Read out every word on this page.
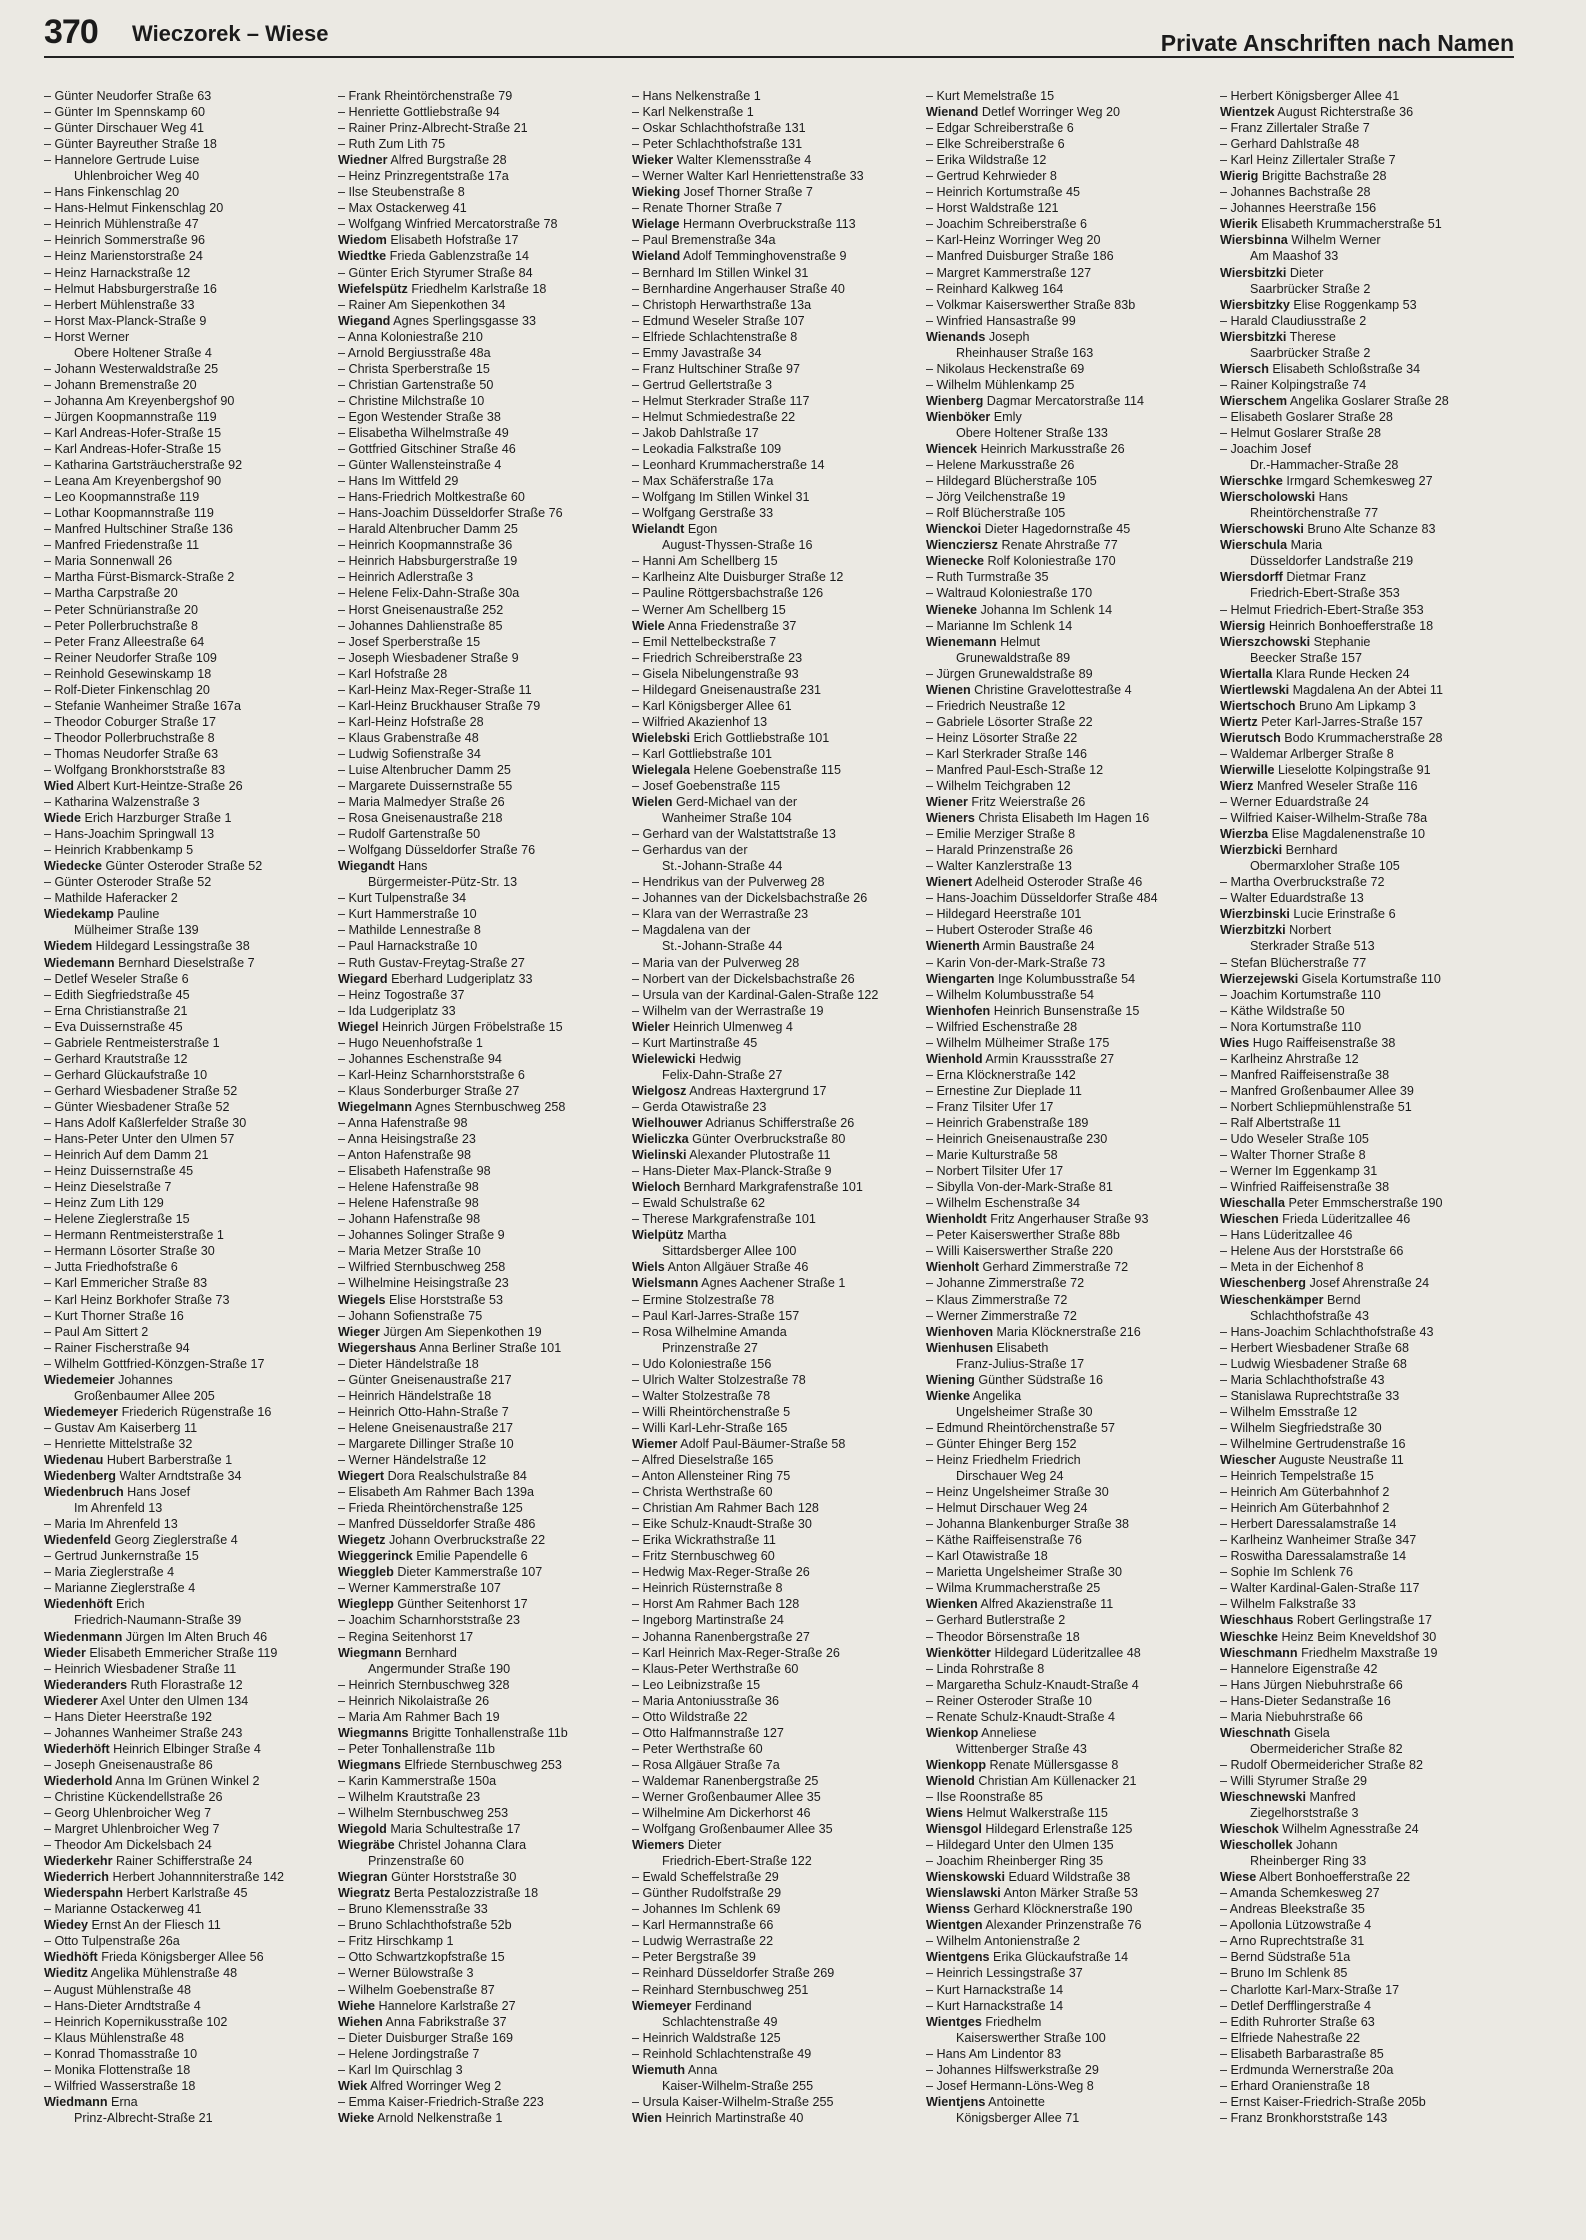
370 Wieczorek – Wiese	Private Anschriften nach Namen
– Günter Neudorfer Straße 63
– Günter Im Spennskamp 60
– Günter Dirschauer Weg 41
– Günter Bayreuther Straße 18
– Hannelore Gertrude Luise
Uhlenbroicher Weg 40
– Hans Finkenschlag 20
– Hans-Helmut Finkenschlag 20
– Heinrich Mühlenstraße 47
– Heinrich Sommerstraße 96
– Heinz Marienstorstraße 24
– Heinz Harnackstraße 12
– Helmut Habsburgerstraße 16
– Herbert Mühlenstraße 33
– Horst Max-Planck-Straße 9
– Horst Werner
Obere Holtener Straße 4
– Johann Westerwaldstraße 25
– Johann Bremenstraße 20
– Johanna Am Kreyenbergshof 90
– Jürgen Koopmannstraße 119
– Karl Andreas-Hofer-Straße 15
– Karl Andreas-Hofer-Straße 15
– Katharina Gartsträucherstraße 92
– Leana Am Kreyenbergshof 90
– Leo Koopmannstraße 119
– Lothar Koopmannstraße 119
– Manfred Hultschiner Straße 136
– Manfred Friedenstraße 11
– Maria Sonnenwall 26
– Martha Fürst-Bismarck-Straße 2
– Martha Carpstraße 20
– Peter Schnürianstraße 20
– Peter Pollerbruchstraße 8
– Peter Franz Alleestraße 64
– Reiner Neudorfer Straße 109
– Reinhold Gesewinskamp 18
– Rolf-Dieter Finkenschlag 20
– Stefanie Wanheimer Straße 167a
– Theodor Coburger Straße 17
– Theodor Pollerbruchstraße 8
– Thomas Neudorfer Straße 63
– Wolfgang Bronkhorststraße 83
Wied Albert Kurt-Heintze-Straße 26
– Katharina Walzenstraße 3
Wiede Erich Harzburger Straße 1
– Hans-Joachim Springwall 13
– Heinrich Krabbenkamp 5
Wiedecke Günter Osteroder Straße 52
– Günter Osteroder Straße 52
– Mathilde Haferacker 2
Wiedekamp Pauline
Mülheimer Straße 139
Wiedem Hildegard Lessingstraße 38
Wiedemann Bernhard Dieselstraße 7
– Detlef Weseler Straße 6
– Edith Siegfriedstraße 45
– Erna Christianstraße 21
– Eva Duissernstraße 45
– Gabriele Rentmeisterstraße 1
– Gerhard Krautstraße 12
– Gerhard Glückaufstraße 10
– Gerhard Wiesbadener Straße 52
– Günter Wiesbadener Straße 52
– Hans Adolf Kaßlerfelder Straße 30
– Hans-Peter Unter den Ulmen 57
– Heinrich Auf dem Damm 21
– Heinz Duissernstraße 45
– Heinz Dieselstraße 7
– Heinz Zum Lith 129
– Helene Zieglerstraße 15
– Hermann Rentmeisterstraße 1
– Hermann Lösorter Straße 30
– Jutta Friedhofstraße 6
– Karl Emmericher Straße 83
– Karl Heinz Borkhofer Straße 73
– Kurt Thorner Straße 16
– Paul Am Sittert 2
– Rainer Fischerstraße 94
– Wilhelm Gottfried-Könzgen-Straße 17
Wiedemeier Johannes
Großenbaumer Allee 205
Wiedemeyer Friederich Rügenstraße 16
– Gustav Am Kaiserberg 11
– Henriette Mittelstraße 32
Wiedenau Hubert Barberstraße 1
Wiedenberg Walter Arndtstraße 34
Wiedenbruch Hans Josef
Im Ahrenfeld 13
– Maria Im Ahrenfeld 13
Wiedenfeld Georg Zieglerstraße 4
– Gertrud Junkernstraße 15
– Maria Zieglerstraße 4
– Marianne Zieglerstraße 4
Wiedenhöft Erich
Friedrich-Naumann-Straße 39
Wiedenmann Jürgen Im Alten Bruch 46
Wieder Elisabeth Emmericher Straße 119
– Heinrich Wiesbadener Straße 11
Wiederanders Ruth Florastraße 12
Wiederer Axel Unter den Ulmen 134
– Hans Dieter Heerstraße 192
– Johannes Wanheimer Straße 243
Wiederhöft Heinrich Elbinger Straße 4
– Joseph Gneisenaustraße 86
Wiederhold Anna Im Grünen Winkel 2
– Christine Kückendellstraße 26
– Georg Uhlenbroicher Weg 7
– Margret Uhlenbroicher Weg 7
– Theodor Am Dickelsbach 24
Wiederkehr Rainer Schifferstraße 24
Wiederrich Herbert Johannniterstraße 142
Wiederspahn Herbert Karlstraße 45
– Marianne Ostackerweg 41
Wiedey Ernst An der Fliesch 11
– Otto Tulpenstraße 26a
Wiedhöft Frieda Königsberger Allee 56
Wieditz Angelika Mühlenstraße 48
– August Mühlenstraße 48
– Hans-Dieter Arndtstraße 4
– Heinrich Kopernikusstraße 102
– Klaus Mühlenstraße 48
– Konrad Thomasstraße 10
– Monika Flottenstraße 18
– Wilfried Wasserstraße 18
Wiedmann Erna
Prinz-Albrecht-Straße 21
– Frank Rheintörchenstraße 79
– Henriette Gottliebstraße 94
– Rainer Prinz-Albrecht-Straße 21
– Ruth Zum Lith 75
Wiedner Alfred Burgstraße 28
– Heinz Prinzregentstraße 17a
– Ilse Steubenstraße 8
– Max Ostackerweg 41
– Wolfgang Winfried Mercatorstraße 78
Wiedom Elisabeth Hofstraße 17
Wiedtke Frieda Gablenzstraße 14
– Günter Erich Styrumer Straße 84
Wiefelspütz Friedhelm Karlstraße 18
– Rainer Am Siepenkothen 34
Wiegand Agnes Sperlingsgasse 33
– Anna Koloniestraße 210
– Arnold Bergiusstraße 48a
– Christa Sperberstraße 15
– Christian Gartenstraße 50
– Christine Milchstraße 10
– Egon Westender Straße 38
– Elisabetha Wilhelmstraße 49
– Gottfried Gitschiner Straße 46
– Günter Wallensteinstraße 4
– Hans Im Wittfeld 29
– Hans-Friedrich Moltkestraße 60
– Hans-Joachim Düsseldorfer Straße 76
– Harald Altenbrucher Damm 25
– Heinrich Koopmannstraße 36
– Heinrich Habsburgerstraße 19
– Heinrich Adlerstraße 3
– Helene Felix-Dahn-Straße 30a
– Horst Gneisenaustraße 252
– Johannes Dahlienstraße 85
– Josef Sperberstraße 15
– Joseph Wiesbadener Straße 9
– Karl Hofstraße 28
– Karl-Heinz Max-Reger-Straße 11
– Karl-Heinz Bruckhauser Straße 79
– Karl-Heinz Hofstraße 28
– Klaus Grabenstraße 48
– Ludwig Sofienstraße 34
– Luise Altenbrucher Damm 25
– Margarete Duissernstraße 55
– Maria Malmedyer Straße 26
– Rosa Gneisenaustraße 218
– Rudolf Gartenstraße 50
– Wolfgang Düsseldorfer Straße 76
Wiegandt Hans
Bürgermeister-Pütz-Str. 13
– Kurt Tulpenstraße 34
– Kurt Hammerstraße 10
– Mathilde Lennestraße 8
– Paul Harnackstraße 10
– Ruth Gustav-Freytag-Straße 27
Wiegard Eberhard Ludgeriplatz 33
– Heinz Togostraße 37
– Ida Ludgeriplatz 33
Wiegel Heinrich Jürgen Fröbelstraße 15
– Hugo Neuenhofstraße 1
– Johannes Eschenstraße 94
– Karl-Heinz Scharnhorststraße 6
– Klaus Sonderburger Straße 27
Wiegelmann Agnes Sternbuschweg 258
– Anna Hafenstraße 98
– Anna Heisingstraße 23
– Anton Hafenstraße 98
– Elisabeth Hafenstraße 98
– Helene Hafenstraße 98
– Helene Hafenstraße 98
– Johann Hafenstraße 98
– Johannes Solinger Straße 9
– Maria Metzer Straße 10
– Wilfried Sternbuschweg 258
– Wilhelmine Heisingstraße 23
Wiegels Elise Horststraße 53
– Johann Sofienstraße 75
Wieger Jürgen Am Siepenkothen 19
Wiegershaus Anna Berliner Straße 101
– Dieter Händelstraße 18
– Günter Gneisenaustraße 217
– Heinrich Händelstraße 18
– Heinrich Otto-Hahn-Straße 7
– Helene Gneisenaustraße 217
– Margarete Dillinger Straße 10
– Werner Händelstraße 12
Wiegert Dora Realschulstraße 84
– Elisabeth Am Rahmer Bach 139a
– Frieda Rheintörchenstraße 125
– Manfred Düsseldorfer Straße 486
Wiegetz Johann Overbruckstraße 22
Wieggerinck Emilie Papendelle 6
Wieggleb Dieter Kammerstraße 107
– Werner Kammerstraße 107
Wieglepp Günther Seitenhorst 17
– Joachim Scharnhorststraße 23
– Regina Seitenhorst 17
Wiegmann Bernhard
Angermunder Straße 190
– Heinrich Sternbuschweg 328
– Heinrich Nikolaistraße 26
– Maria Am Rahmer Bach 19
Wiegmanns Brigitte Tonhallenstraße 11b
– Peter Tonhallenstraße 11b
Wiegmans Elfriede Sternbuschweg 253
– Karin Kammerstraße 150a
– Wilhelm Krautstraße 23
– Wilhelm Sternbuschweg 253
Wiegold Maria Schultestraße 17
Wiegräbe Christel Johanna Clara
Prinzenstraße 60
Wiegran Günter Horststraße 30
Wiegratz Berta Pestalozzistraße 18
– Bruno Klemensstraße 33
– Bruno Schlachthofstraße 52b
– Fritz Hirschkamp 1
– Otto Schwartzkopfstraße 15
– Werner Bülowstraße 3
– Wilhelm Goebenstraße 87
Wiehe Hannelore Karlstraße 27
Wiehen Anna Fabrikstraße 37
– Dieter Duisburger Straße 169
– Helene Jordingstraße 7
– Karl Im Quirschlag 3
Wiek Alfred Worringer Weg 2
– Emma Kaiser-Friedrich-Straße 223
Wieke Arnold Nelkenstraße 1
– Hans Nelkenstraße 1
– Karl Nelkenstraße 1
– Oskar Schlachthofstraße 131
– Peter Schlachthofstraße 131
Wieker Walter Klemensstraße 4
– Werner Walter Karl Henriettenstraße 33
Wieking Josef Thorner Straße 7
– Renate Thorner Straße 7
Wielage Hermann Overbruckstraße 113
– Paul Bremenstraße 34a
Wieland Adolf Temminghovenstraße 9
– Bernhard Im Stillen Winkel 31
– Bernhardine Angerhauser Straße 40
– Christoph Herwarthstraße 13a
– Edmund Weseler Straße 107
– Elfriede Schlachtenstraße 8
– Emmy Javastraße 34
– Franz Hultschiner Straße 97
– Gertrud Gellertstraße 3
– Helmut Sterkrader Straße 117
– Helmut Schmiedestraße 22
– Jakob Dahlstraße 17
– Leokadia Falkstraße 109
– Leonhard Krummacherstraße 14
– Max Schäferstraße 17a
– Wolfgang Im Stillen Winkel 31
– Wolfgang Gerstraße 33
Wielandt Egon
August-Thyssen-Straße 16
– Hanni Am Schellberg 15
– Karlheinz Alte Duisburger Straße 12
– Pauline Röttgersbachstraße 126
– Werner Am Schellberg 15
Wiele Anna Friedenstraße 37
– Emil Nettelbeckstraße 7
– Friedrich Schreiberstraße 23
– Gisela Nibelungenstraße 93
– Hildegard Gneisenaustraße 231
– Karl Königsberger Allee 61
– Wilfried Akazienhof 13
Wielebski Erich Gottliebstraße 101
– Karl Gottliebstraße 101
Wielegala Helene Goebenstraße 115
– Josef Goebenstraße 115
Wielen Gerd-Michael van der
Wanheimer Straße 104
– Gerhard van der Walstattstraße 13
– Gerhardus van der
St.-Johann-Straße 44
– Hendrikus van der Pulverweg 28
– Johannes van der Dickelsbachstraße 26
– Klara van der Werrastraße 23
– Magdalena van der
St.-Johann-Straße 44
– Maria van der Pulverweg 28
– Norbert van der Dickelsbachstraße 26
– Ursula van der Kardinal-Galen-Straße 122
– Wilhelm van der Werrastraße 19
Wieler Heinrich Ulmenweg 4
– Kurt Martinstraße 45
Wielewicki Hedwig
Felix-Dahn-Straße 27
Wielgosz Andreas Haxtergrund 17
– Gerda Otawistraße 23
Wielhouwer Adrianus Schifferstraße 26
Wieliczka Günter Overbruckstraße 80
Wielinski Alexander Plutostraße 11
– Hans-Dieter Max-Planck-Straße 9
Wieloch Bernhard Markgrafenstraße 101
– Ewald Schulstraße 62
– Therese Markgrafenstraße 101
Wielpütz Martha
Sittardsberger Allee 100
Wiels Anton Allgäuer Straße 46
Wielsmann Agnes Aachener Straße 1
– Ermine Stolzestraße 78
– Paul Karl-Jarres-Straße 157
– Rosa Wilhelmine Amanda
Prinzenstraße 27
– Udo Koloniestraße 156
– Ulrich Walter Stolzestraße 78
– Walter Stolzestraße 78
– Willi Rheintörchenstraße 5
– Willi Karl-Lehr-Straße 165
Wiemer Adolf Paul-Bäumer-Straße 58
– Alfred Dieselstraße 165
– Anton Allensteiner Ring 75
– Christa Werthstraße 60
– Christian Am Rahmer Bach 128
– Eike Schulz-Knaudt-Straße 30
– Erika Wickrathstraße 11
– Fritz Sternbuschweg 60
– Hedwig Max-Reger-Straße 26
– Heinrich Rüsternstraße 8
– Horst Am Rahmer Bach 128
– Ingeborg Martinstraße 24
– Johanna Ranenbergstraße 27
– Karl Heinrich Max-Reger-Straße 26
– Klaus-Peter Werthstraße 60
– Leo Leibnizstraße 15
– Maria Antoniusstraße 36
– Otto Wildstraße 22
– Otto Halfmannstraße 127
– Peter Werthstraße 60
– Rosa Allgäuer Straße 7a
– Waldemar Ranenbergstraße 25
– Werner Großenbaumer Allee 35
– Wilhelmine Am Dickerhorst 46
– Wolfgang Großenbaumer Allee 35
Wiemers Dieter
Friedrich-Ebert-Straße 122
– Ewald Scheffelstraße 29
– Günther Rudolfstraße 29
– Johannes Im Schlenk 69
– Karl Hermannstraße 66
– Ludwig Werrastraße 22
– Peter Bergstraße 39
– Reinhard Düsseldorfer Straße 269
– Reinhard Sternbuschweg 251
Wiemeyer Ferdinand
Schlachtenstraße 49
– Heinrich Waldstraße 125
– Reinhold Schlachtenstraße 49
Wiemuth Anna
Kaiser-Wilhelm-Straße 255
– Ursula Kaiser-Wilhelm-Straße 255
Wien Heinrich Martinstraße 40
– Kurt Memelstraße 15
Wienand Detlef Worringer Weg 20
– Edgar Schreiberstraße 6
– Elke Schreiberstraße 6
– Erika Wildstraße 12
– Gertrud Kehrwieder 8
– Heinrich Kortumstraße 45
– Horst Waldstraße 121
– Joachim Schreiberstraße 6
– Karl-Heinz Worringer Weg 20
– Manfred Duisburger Straße 186
– Margret Kammerstraße 127
– Reinhard Kalkweg 164
– Volkmar Kaiserswerther Straße 83b
– Winfried Hansastraße 99
Wienands Joseph
Rheinhauser Straße 163
– Nikolaus Heckenstraße 69
– Wilhelm Mühlenkamp 25
Wienberg Dagmar Mercatorstraße 114
Wienböker Emly
Obere Holtener Straße 133
Wiencek Heinrich Markusstraße 26
– Helene Markusstraße 26
– Hildegard Blücherstraße 105
– Jörg Veilchenstraße 19
– Rolf Blücherstraße 105
Wienckoi Dieter Hagedornstraße 45
Wiencziersz Renate Ahrstraße 77
Wienecke Rolf Koloniestraße 170
– Ruth Turmstraße 35
– Waltraud Koloniestraße 170
Wieneke Johanna Im Schlenk 14
– Marianne Im Schlenk 14
Wienemann Helmut
Grunewaldstraße 89
– Jürgen Grunewaldstraße 89
Wienen Christine Gravelottestraße 4
– Friedrich Neustraße 12
– Gabriele Lösorter Straße 22
– Heinz Lösorter Straße 22
– Karl Sterkrader Straße 146
– Manfred Paul-Esch-Straße 12
– Wilhelm Teichgraben 12
Wiener Fritz Weierstraße 26
Wieners Christa Elisabeth Im Hagen 16
– Emilie Merziger Straße 8
– Harald Prinzenstraße 26
– Walter Kanzlerstraße 13
Wienert Adelheid Osteroder Straße 46
– Hans-Joachim Düsseldorfer Straße 484
– Hildegard Heerstraße 101
– Hubert Osteroder Straße 46
Wienerth Armin Baustraße 24
– Karin Von-der-Mark-Straße 73
Wiengarten Inge Kolumbusstraße 54
– Wilhelm Kolumbusstraße 54
Wienhofen Heinrich Bunsenstraße 15
– Wilfried Eschenstraße 28
– Wilhelm Mülheimer Straße 175
Wienhold Armin Kraussstraße 27
– Erna Klöcknerstraße 142
– Ernestine Zur Dieplade 11
– Franz Tilsiter Ufer 17
– Heinrich Grabenstraße 189
– Heinrich Gneisenaustraße 230
– Marie Kulturstraße 58
– Norbert Tilsiter Ufer 17
– Sibylla Von-der-Mark-Straße 81
– Wilhelm Eschenstraße 34
Wienholdt Fritz Angerhauser Straße 93
– Peter Kaiserswerther Straße 88b
– Willi Kaiserswerther Straße 220
Wienholt Gerhard Zimmerstraße 72
– Johanne Zimmerstraße 72
– Klaus Zimmerstraße 72
– Werner Zimmerstraße 72
Wienhoven Maria Klöcknerstraße 216
Wienhusen Elisabeth
Franz-Julius-Straße 17
Wiening Günther Südstraße 16
Wienke Angelika
Ungelsheimer Straße 30
– Edmund Rheintörchenstraße 57
– Günter Ehinger Berg 152
– Heinz Friedhelm Friedrich
Dirschauer Weg 24
– Heinz Ungelsheimer Straße 30
– Helmut Dirschauer Weg 24
– Johanna Blankenburger Straße 38
– Käthe Raiffeisenstraße 76
– Karl Otawistraße 18
– Marietta Ungelsheimer Straße 30
– Wilma Krummacherstraße 25
Wienken Alfred Akazienstraße 11
– Gerhard Butlerstraße 2
– Theodor Börsenstraße 18
Wienkötter Hildegard Lüderitzallee 48
– Linda Rohrstraße 8
– Margaretha Schulz-Knaudt-Straße 4
– Reiner Osteroder Straße 10
– Renate Schulz-Knaudt-Straße 4
Wienkop Anneliese
Wittenberger Straße 43
Wienkopp Renate Müllersgasse 8
Wienold Christian Am Küllenacker 21
– Ilse Roonstraße 85
Wiens Helmut Walkerstraße 115
Wiensgol Hildegard Erlenstraße 125
– Hildegard Unter den Ulmen 135
– Joachim Rheinberger Ring 35
Wienskowski Eduard Wildstraße 38
Wienslawski Anton Märker Straße 53
Wienss Gerhard Klöcknerstraße 190
Wientgen Alexander Prinzenstraße 76
– Wilhelm Antonienstraße 2
Wientgens Erika Glückaufstraße 14
– Heinrich Lessingstraße 37
– Kurt Harnackstraße 14
– Kurt Harnackstraße 14
Wientges Friedhelm
Kaiserswerther Straße 100
– Hans Am Lindentor 83
– Johannes Hilfswerkstraße 29
– Josef Hermann-Löns-Weg 8
Wientjens Antoinette
Königsberger Allee 71
– Herbert Königsberger Allee 41
Wientzek August Richterstraße 36
– Franz Zillertaler Straße 7
– Gerhard Dahlstraße 48
– Karl Heinz Zillertaler Straße 7
Wierig Brigitte Bachstraße 28
– Johannes Bachstraße 28
– Johannes Heerstraße 156
Wierik Elisabeth Krummacherstraße 51
Wiersbinna Wilhelm Werner
Am Maashof 33
Wiersbitzki Dieter
Saarbrücker Straße 2
Wiersbitzky Elise Roggenkamp 53
– Harald Claudiusstraße 2
Wiersbitzki Therese
Saarbrücker Straße 2
Wiersch Elisabeth Schloßstraße 34
– Rainer Kolpingstraße 74
Wierschem Angelika Goslarer Straße 28
– Elisabeth Goslarer Straße 28
– Helmut Goslarer Straße 28
– Joachim Josef
Dr.-Hammacher-Straße 28
Wierschke Irmgard Schemkesweg 27
Wierscholowski Hans
Rheintörchenstraße 77
Wierschowski Bruno Alte Schanze 83
Wierschula Maria
Düsseldorfer Landstraße 219
Wiersdorff Dietmar Franz
Friedrich-Ebert-Straße 353
– Helmut Friedrich-Ebert-Straße 353
Wiersig Heinrich Bonhoefferstraße 18
Wierszchowski Stephanie
Beecker Straße 157
Wiertalla Klara Runde Hecken 24
Wiertlewski Magdalena An der Abtei 11
Wiertschoch Bruno Am Lipkamp 3
Wiertz Peter Karl-Jarres-Straße 157
Wierutsch Bodo Krummacherstraße 28
– Waldemar Arlberger Straße 8
Wierwille Lieselotte Kolpingstraße 91
Wierz Manfred Weseler Straße 116
– Werner Eduardstraße 24
– Wilfried Kaiser-Wilhelm-Straße 78a
Wierzba Elise Magdalenenstraße 10
Wierzbicki Bernhard
Obermarxloher Straße 105
– Martha Overbruckstraße 72
– Walter Eduardstraße 13
Wierzbinski Lucie Erinstraße 6
Wierzbitzki Norbert
Sterkrader Straße 513
– Stefan Blücherstraße 77
Wierzejewski Gisela Kortumstraße 110
– Joachim Kortumstraße 110
– Käthe Wildstraße 50
– Nora Kortumstraße 110
Wies Hugo Raiffeisenstraße 38
– Karlheinz Ahrstraße 12
– Manfred Raiffeisenstraße 38
– Manfred Großenbaumer Allee 39
– Norbert Schliepmühlenstraße 51
– Ralf Albertstraße 11
– Udo Weseler Straße 105
– Walter Thorner Straße 8
– Werner Im Eggenkamp 31
– Winfried Raiffeisenstraße 38
Wieschalla Peter Emmscherstraße 190
Wieschen Frieda Lüderitzallee 46
– Hans Lüderitzallee 46
– Helene Aus der Horststraße 66
– Meta in der Eichenhof 8
Wieschenberg Josef Ahrenstraße 24
Wieschenkämper Bernd
Schlachthofstraße 43
– Hans-Joachim Schlachthofstraße 43
– Herbert Wiesbadener Straße 68
– Ludwig Wiesbadener Straße 68
– Maria Schlachthofstraße 43
– Stanislawa Ruprechtstraße 33
– Wilhelm Emsstraße 12
– Wilhelm Siegfriedstraße 30
– Wilhelmine Gertrudenstraße 16
Wiescher Auguste Neustraße 11
– Heinrich Tempelstraße 15
– Heinrich Am Güterbahnhof 2
– Heinrich Am Güterbahnhof 2
– Herbert Daressalamstraße 14
– Karlheinz Wanheimer Straße 347
– Roswitha Daressalamstraße 14
– Sophie Im Schlenk 76
– Walter Kardinal-Galen-Straße 117
– Wilhelm Falkstraße 33
Wieschhaus Robert Gerlingstraße 17
Wieschke Heinz Beim Kneveldshof 30
Wieschmann Friedhelm Maxstraße 19
– Hannelore Eigenstraße 42
– Hans Jürgen Niebuhrstraße 66
– Hans-Dieter Sedanstraße 16
– Maria Niebuhrstraße 66
Wieschnath Gisela
Obermeidericher Straße 82
– Rudolf Obermeidericher Straße 82
– Willi Styrumer Straße 29
Wieschnewski Manfred
Ziegelhorststraße 3
Wieschok Wilhelm Agnesstraße 24
Wieschollek Johann
Rheinberger Ring 33
Wiese Albert Bonhoefferstraße 22
– Amanda Schemkesweg 27
– Andreas Bleekstraße 35
– Apollonia Lützowstraße 4
– Arno Ruprechtstraße 31
– Bernd Südstraße 51a
– Bruno Im Schlenk 85
– Charlotte Karl-Marx-Straße 17
– Detlef Derfflingerstraße 4
– Edith Ruhrorter Straße 63
– Elfriede Nahestraße 22
– Elisabeth Barbarastraße 85
– Erdmunda Wernerstraße 20a
– Erhard Oranienstraße 18
– Ernst Kaiser-Friedrich-Straße 205b
– Franz Bronkhorststraße 143
